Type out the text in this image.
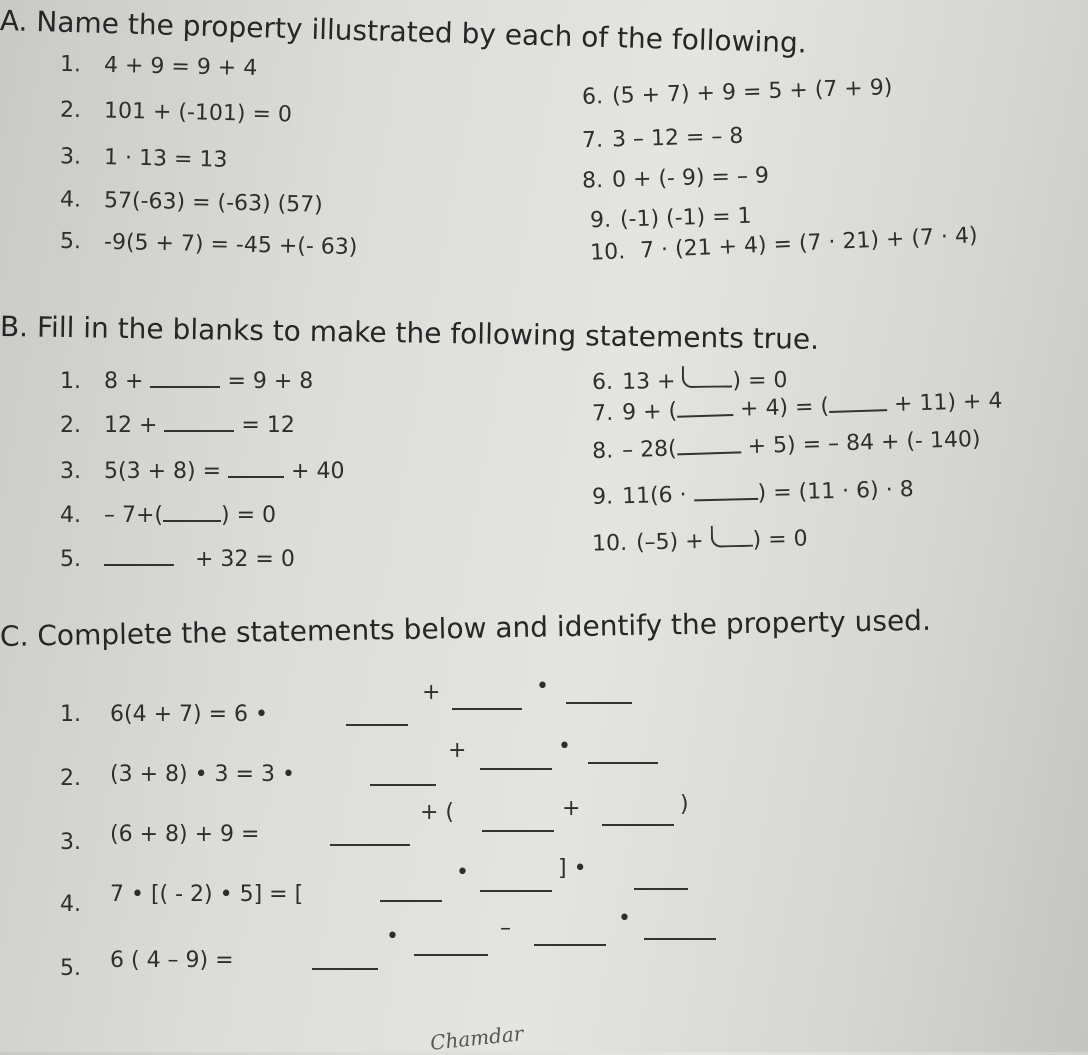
A. Name the property illustrated by each of the following.
1. 4 + 9 = 9 + 4
2. 101 + (-101) = 0
3. 1 · 13 = 13
4. 57(-63) = (-63) (57)
5. -9(5 + 7) = -45 +(- 63)
6. (5 + 7) + 9 = 5 + (7 + 9)
7. 3 – 12 = – 8
8. 0 + (- 9) = – 9
9. (-1) (-1) = 1
10. 7 · (21 + 4) = (7 · 21) + (7 · 4)
B. Fill in the blanks to make the following statements true.
1. 8 +	= 9 + 8
2. 12 +	= 12
3. 5(3 + 8) =	+ 40
4. – 7+(	) = 0
5.	+ 32 = 0
6. 13 +	) = 0
7. 9 + (	+ 4) = (	+ 11) + 4
8. – 28(	+ 5) = – 84 + (- 140)
9. 11(6 ·	) = (11 · 6) · 8
10. (–5) + ) = 0
C. Complete the statements below and identify the property used.
1. 6(4 + 7) = 6 •
+	•
2. (3 + 8) • 3 = 3 •
+	•
3. (6 + 8) + 9 =
+ (	+	)
4. 7 • [( - 2) • 5] = [
•	] •
5. 6 ( 4 – 9) =
•	–	•
Chamdar
